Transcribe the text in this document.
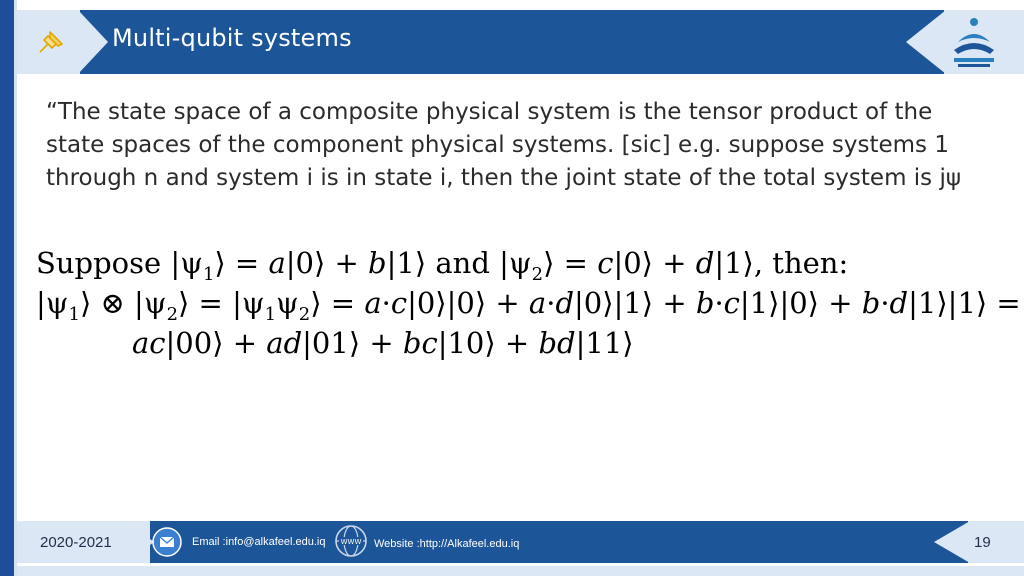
Multi-qubit systems
“The state space of a composite physical system is the tensor product of the
state spaces of the component physical systems. [sic] e.g. suppose systems 1
through n and system i is in state i, then the joint state of the total system is jψ
Suppose $|\psi_1⟩$ = a|0⟩ + b|1⟩ and $|\psi_2⟩$ = c|0⟩ + d|1⟩, then:
$|\psi_1⟩$ ⊗ $|\psi_2⟩$ = $|\psi_1\psi_2⟩$ = a·c|0⟩|0⟩ + a·d|0⟩|1⟩ + b·c|1⟩|0⟩ + b·d|1⟩|1⟩ =
ac|00⟩ + ad|01⟩ + bc|10⟩ + bd|11⟩
2020-2021	Email :info@alkafeel.edu.iq WWW Website :http://Alkafeel.edu.iq	19
